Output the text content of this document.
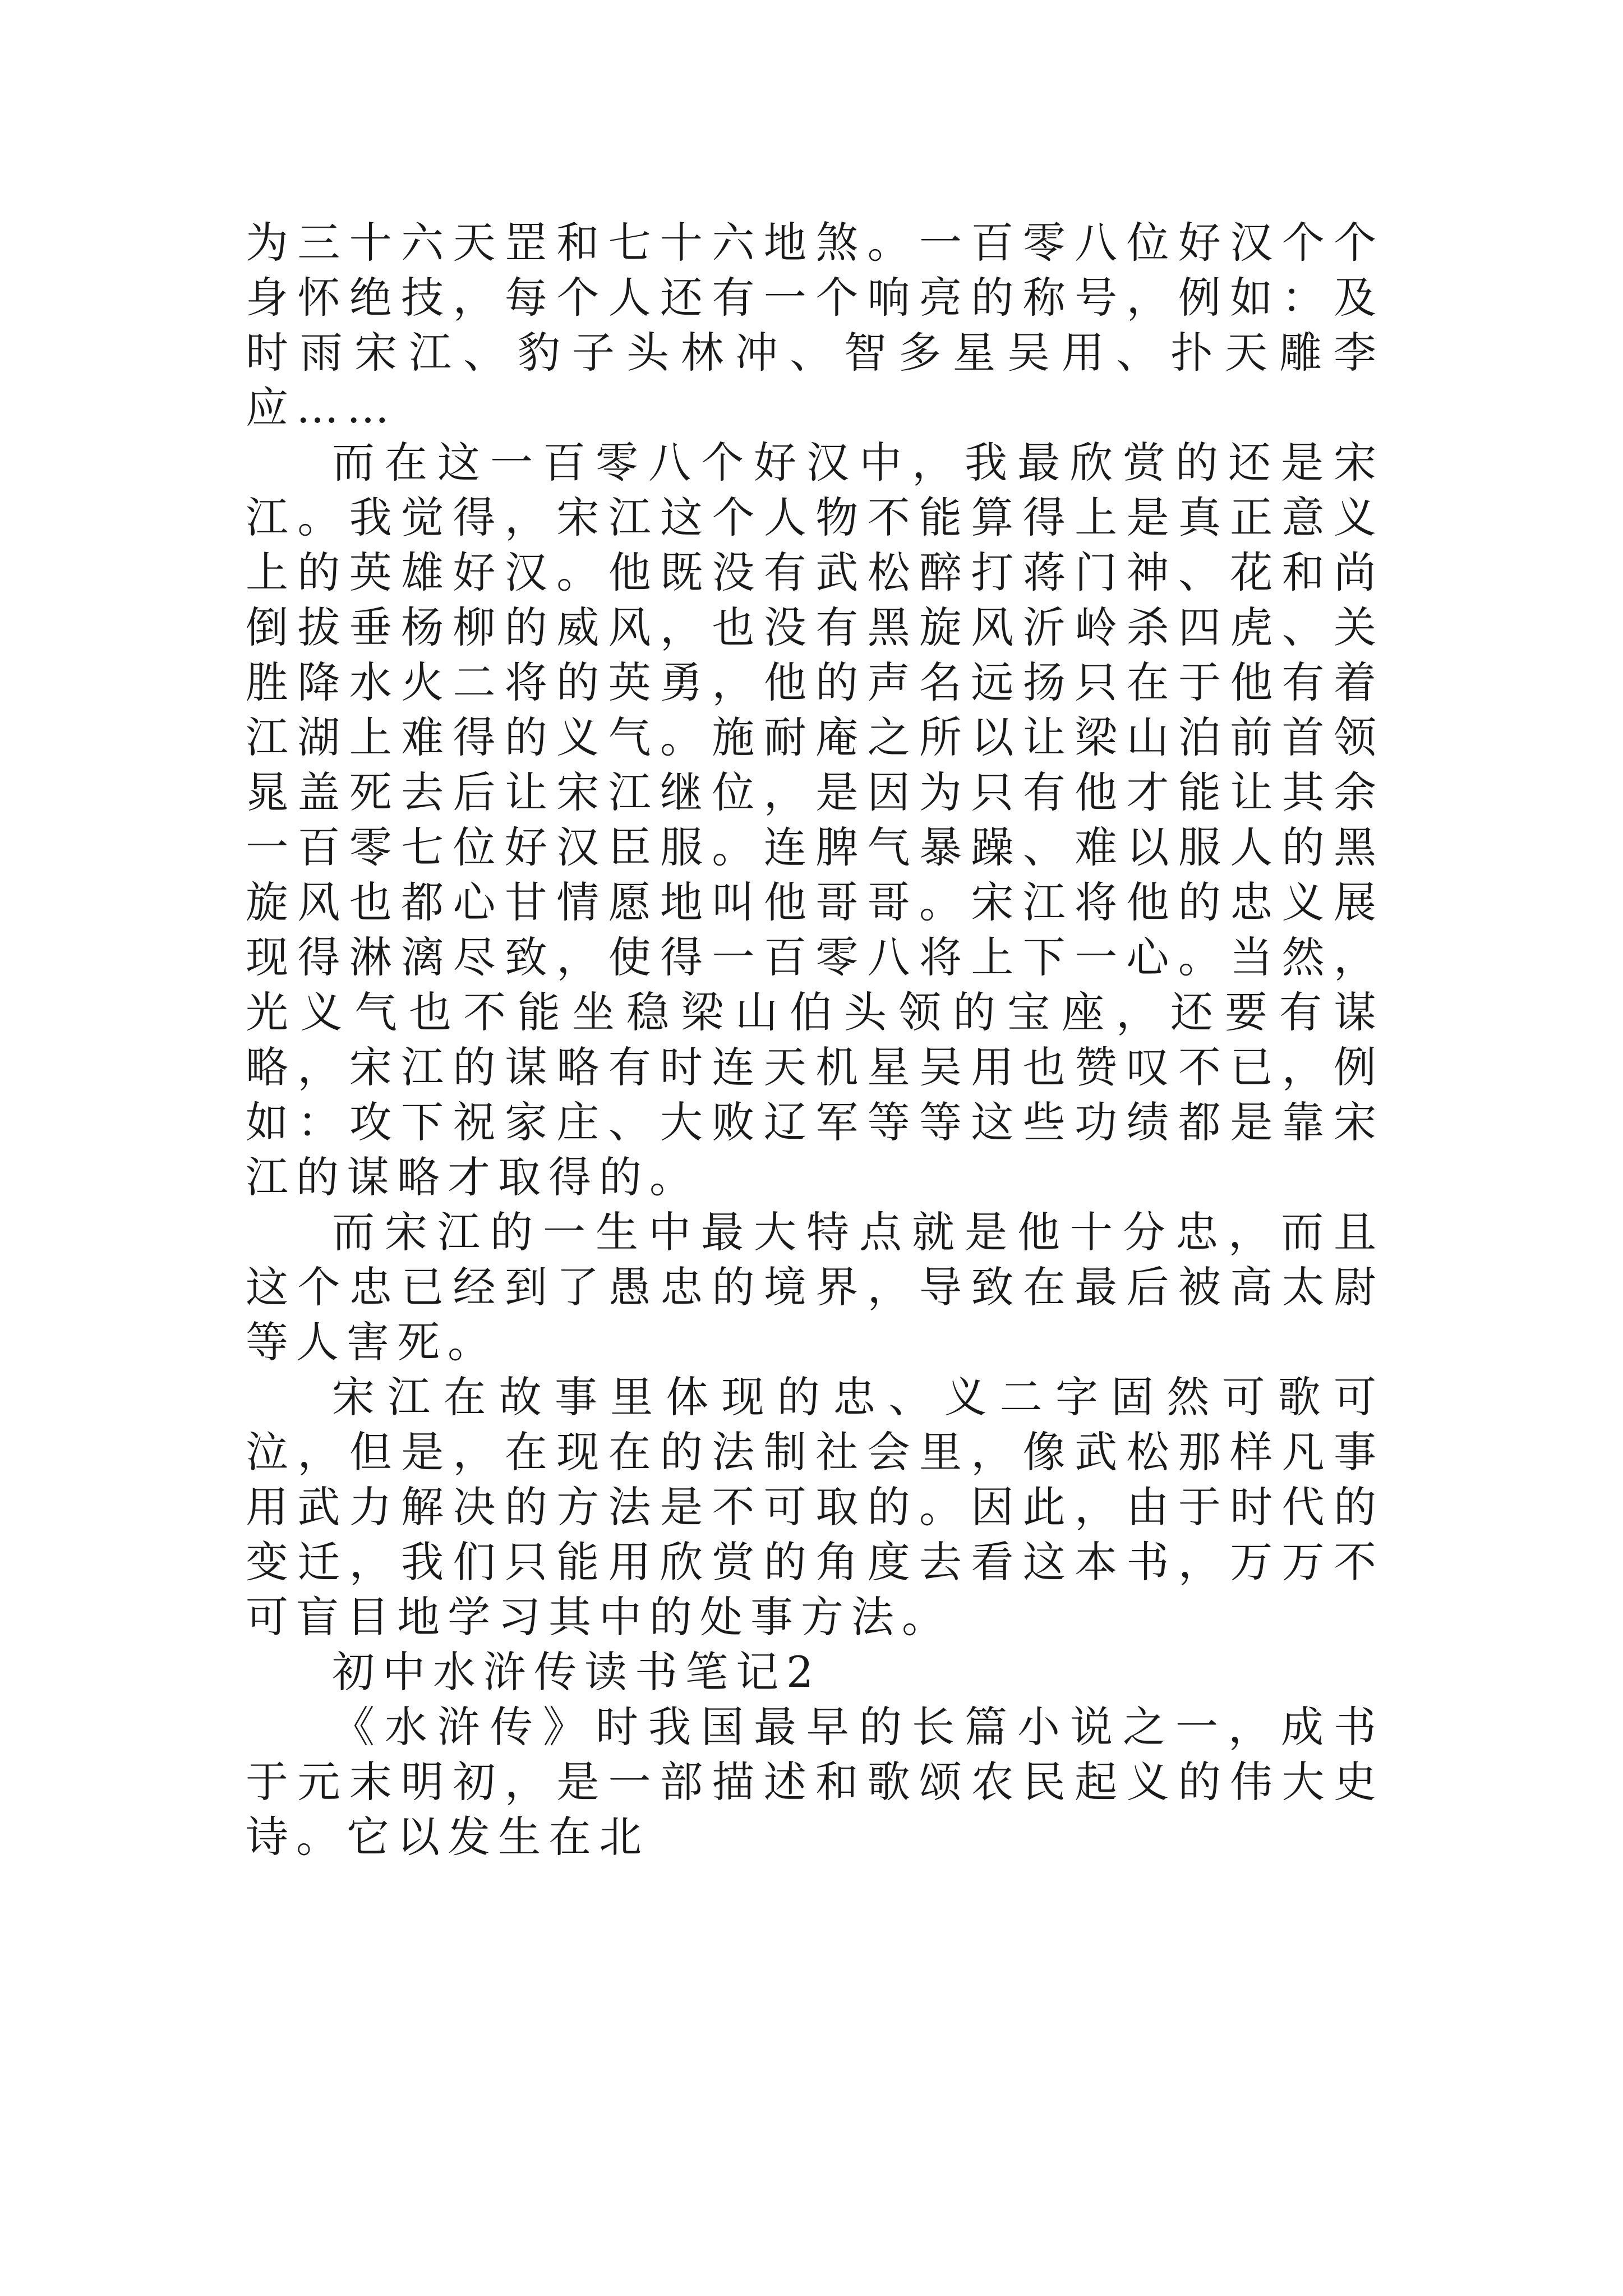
为三十六天罡和七十六地煞。一百零八位好汉个个身怀绝技，每个人还有一个响亮的称号，例如：及时雨宋江、豹子头林冲、智多星吴用、扑天雕李应……

而在这一百零八个好汉中，我最欣赏的还是宋江。我觉得，宋江这个人物不能算得上是真正意义上的英雄好汉。他既没有武松醉打蒋门神、花和尚倒拔垂杨柳的威风，也没有黑旋风沂岭杀四虎、关胜降水火二将的英勇，他的声名远扬只在于他有着江湖上难得的义气。施耐庵之所以让梁山泊前首领晁盖死去后让宋江继位，是因为只有他才能让其余一百零七位好汉臣服。连脾气暴躁、难以服人的黑旋风也都心甘情愿地叫他哥哥。宋江将他的忠义展现得淋漓尽致，使得一百零八将上下一心。当然，光义气也不能坐稳梁山伯头领的宝座，还要有谋略，宋江的谋略有时连天机星吴用也赞叹不已，例如：攻下祝家庄、大败辽军等等这些功绩都是靠宋江的谋略才取得的。

而宋江的一生中最大特点就是他十分忠，而且这个忠已经到了愚忠的境界，导致在最后被高太尉等人害死。

宋江在故事里体现的忠、义二字固然可歌可泣，但是，在现在的法制社会里，像武松那样凡事用武力解决的方法是不可取的。因此，由于时代的变迁，我们只能用欣赏的角度去看这本书，万万不可盲目地学习其中的处事方法。

初中水浒传读书笔记2

《水浒传》时我国最早的长篇小说之一，成书于元末明初，是一部描述和歌颂农民起义的伟大史诗。它以发生在北
